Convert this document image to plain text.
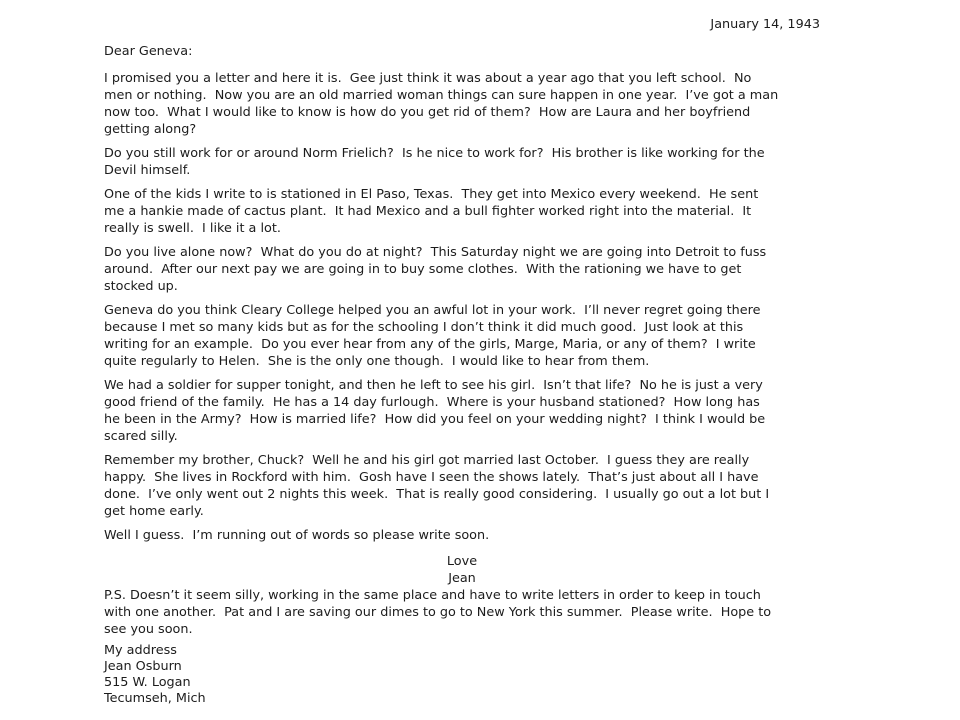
January 14, 1943
Dear Geneva:

I promised you a letter and here it is.  Gee just think it was about a year ago that you left school.  No
men or nothing.  Now you are an old married woman things can sure happen in one year.  I’ve got a man
now too.  What I would like to know is how do you get rid of them?  How are Laura and her boyfriend
getting along?

Do you still work for or around Norm Frielich?  Is he nice to work for?  His brother is like working for the
Devil himself.

One of the kids I write to is stationed in El Paso, Texas.  They get into Mexico every weekend.  He sent
me a hankie made of cactus plant.  It had Mexico and a bull fighter worked right into the material.  It
really is swell.  I like it a lot.

Do you live alone now?  What do you do at night?  This Saturday night we are going into Detroit to fuss
around.  After our next pay we are going in to buy some clothes.  With the rationing we have to get
stocked up.

Geneva do you think Cleary College helped you an awful lot in your work.  I’ll never regret going there
because I met so many kids but as for the schooling I don’t think it did much good.  Just look at this
writing for an example.  Do you ever hear from any of the girls, Marge, Maria, or any of them?  I write
quite regularly to Helen.  She is the only one though.  I would like to hear from them.

We had a soldier for supper tonight, and then he left to see his girl.  Isn’t that life?  No he is just a very
good friend of the family.  He has a 14 day furlough.  Where is your husband stationed?  How long has
he been in the Army?  How is married life?  How did you feel on your wedding night?  I think I would be
scared silly.

Remember my brother, Chuck?  Well he and his girl got married last October.  I guess they are really
happy.  She lives in Rockford with him.  Gosh have I seen the shows lately.  That’s just about all I have
done.  I’ve only went out 2 nights this week.  That is really good considering.  I usually go out a lot but I
get home early.

Well I guess.  I’m running out of words so please write soon.

Love
Jean

P.S. Doesn’t it seem silly, working in the same place and have to write letters in order to keep in touch
with one another.  Pat and I are saving our dimes to go to New York this summer.  Please write.  Hope to
see you soon.

My address
Jean Osburn
515 W. Logan
Tecumseh, Mich
